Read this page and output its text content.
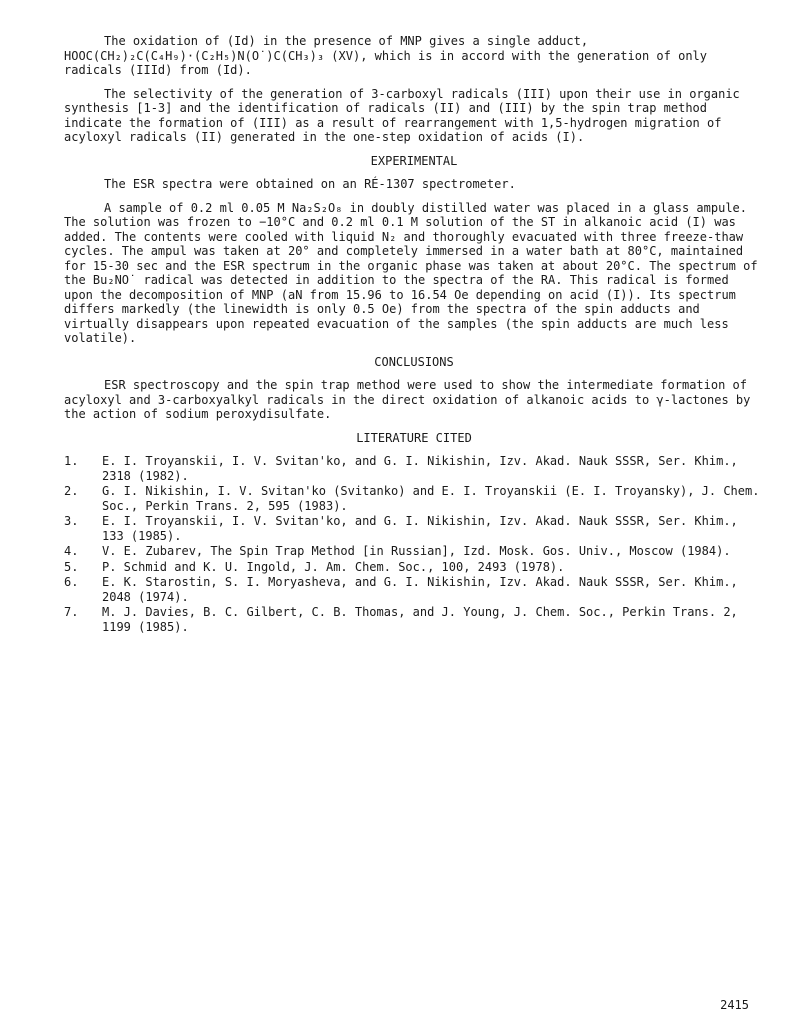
The oxidation of (Id) in the presence of MNP gives a single adduct, HOOC(CH₂)₂C(C₄H₉)·(C₂H₅)N(O˙)C(CH₃)₃ (XV), which is in accord with the generation of only radicals (IIId) from (Id).

The selectivity of the generation of 3-carboxyl radicals (III) upon their use in organic synthesis [1-3] and the identification of radicals (II) and (III) by the spin trap method indicate the formation of (III) as a result of rearrangement with 1,5-hydrogen migration of acyloxyl radicals (II) generated in the one-step oxidation of acids (I).

EXPERIMENTAL

The ESR spectra were obtained on an RÉ-1307 spectrometer.

A sample of 0.2 ml 0.05 M Na₂S₂O₈ in doubly distilled water was placed in a glass ampule. The solution was frozen to −10°C and 0.2 ml 0.1 M solution of the ST in alkanoic acid (I) was added. The contents were cooled with liquid N₂ and thoroughly evacuated with three freeze-thaw cycles. The ampul was taken at 20° and completely immersed in a water bath at 80°C, maintained for 15-30 sec and the ESR spectrum in the organic phase was taken at about 20°C. The spectrum of the Bu₂NO˙ radical was detected in addition to the spectra of the RA. This radical is formed upon the decomposition of MNP (aN from 15.96 to 16.54 Oe depending on acid (I)). Its spectrum differs markedly (the linewidth is only 0.5 Oe) from the spectra of the spin adducts and virtually disappears upon repeated evacuation of the samples (the spin adducts are much less volatile).

CONCLUSIONS

ESR spectroscopy and the spin trap method were used to show the intermediate formation of acyloxyl and 3-carboxyalkyl radicals in the direct oxidation of alkanoic acids to γ-lactones by the action of sodium peroxydisulfate.

LITERATURE CITED
1.	E. I. Troyanskii, I. V. Svitan'ko, and G. I. Nikishin, Izv. Akad. Nauk SSSR, Ser. Khim., 2318 (1982).
2.	G. I. Nikishin, I. V. Svitan'ko (Svitanko) and E. I. Troyanskii (E. I. Troyansky), J. Chem. Soc., Perkin Trans. 2, 595 (1983).
3.	E. I. Troyanskii, I. V. Svitan'ko, and G. I. Nikishin, Izv. Akad. Nauk SSSR, Ser. Khim., 133 (1985).
4.	V. E. Zubarev, The Spin Trap Method [in Russian], Izd. Mosk. Gos. Univ., Moscow (1984).
5.	P. Schmid and K. U. Ingold, J. Am. Chem. Soc., 100, 2493 (1978).
6.	E. K. Starostin, S. I. Moryasheva, and G. I. Nikishin, Izv. Akad. Nauk SSSR, Ser. Khim., 2048 (1974).
7.	M. J. Davies, B. C. Gilbert, C. B. Thomas, and J. Young, J. Chem. Soc., Perkin Trans. 2, 1199 (1985).
2415
